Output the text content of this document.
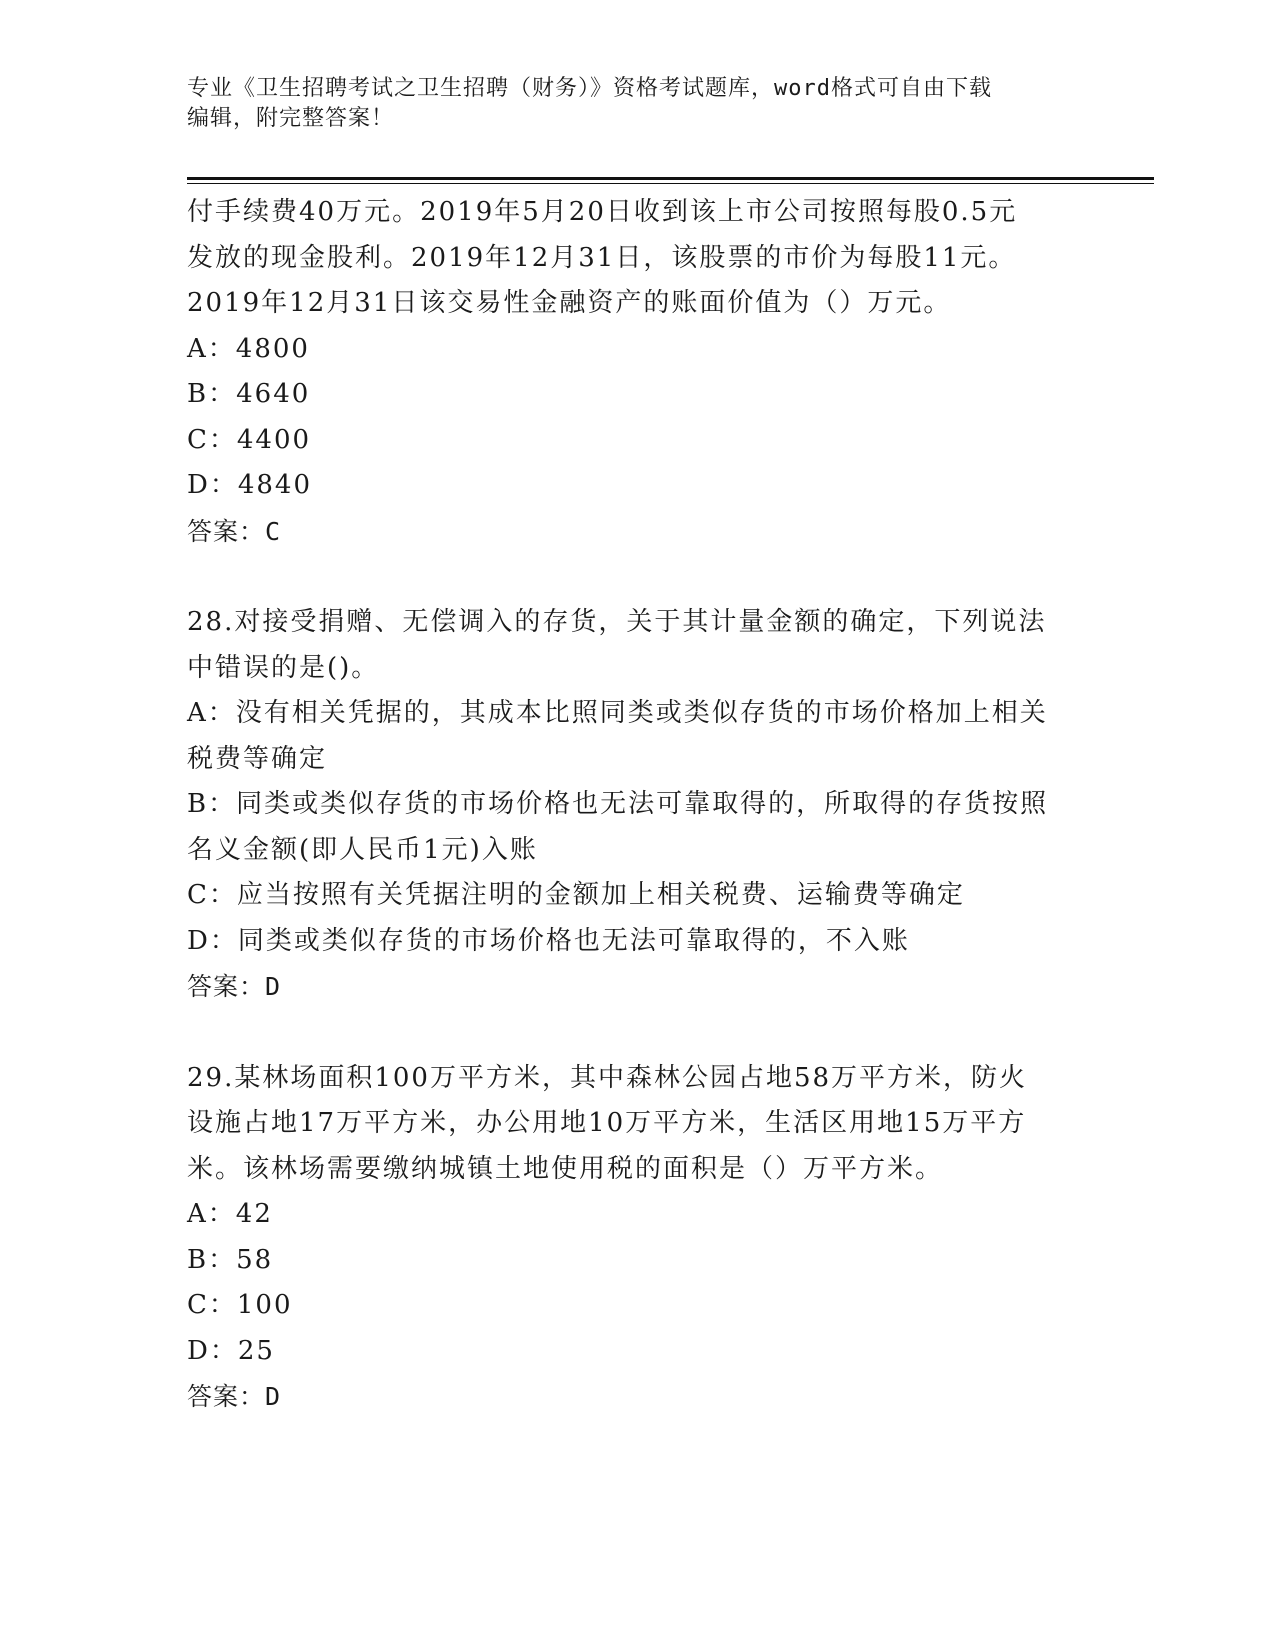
专业《卫生招聘考试之卫生招聘（财务）》资格考试题库，word格式可自由下载
编辑，附完整答案！

付手续费40万元。2019年5月20日收到该上市公司按照每股0.5元

发放的现金股利。2019年12月31日，该股票的市价为每股11元。

2019年12月31日该交易性金融资产的账面价值为（）万元。

A：4800

B：4640

C：4400

D：4840

答案：C

28.对接受捐赠、无偿调入的存货，关于其计量金额的确定，下列说法

中错误的是()。

A：没有相关凭据的，其成本比照同类或类似存货的市场价格加上相关

税费等确定

B：同类或类似存货的市场价格也无法可靠取得的，所取得的存货按照

名义金额(即人民币1元)入账

C：应当按照有关凭据注明的金额加上相关税费、运输费等确定

D：同类或类似存货的市场价格也无法可靠取得的，不入账

答案：D

29.某林场面积100万平方米，其中森林公园占地58万平方米，防火

设施占地17万平方米，办公用地10万平方米，生活区用地15万平方

米。该林场需要缴纳城镇土地使用税的面积是（）万平方米。

A：42

B：58

C：100

D：25

答案：D
